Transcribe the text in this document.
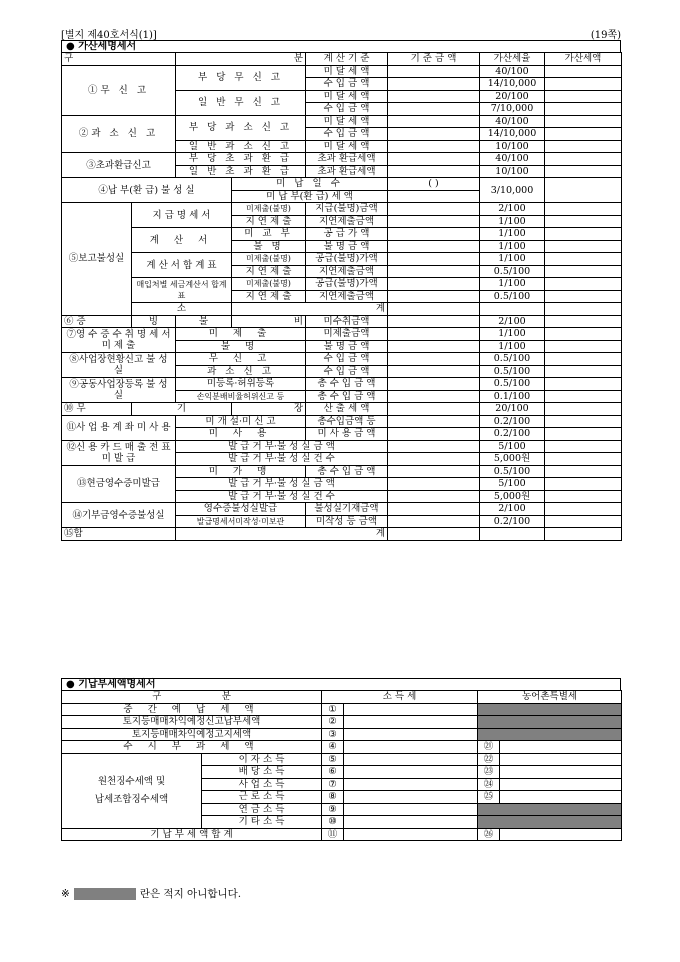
[별지 제40호서식(1)]	(19쪽)
● 가산세명세서
구		분		계 산 기 준	기 준 금 액	가산세율	가산세액
①무 신 고		부 당 무 신 고		미 달 세 액		40/100	
				수 입 금 액		14/10,000	
		일 반 무 신 고		미 달 세 액		20/100	
				수 입 금 액		7/10,000	
②과 소 신 고		부 당 과 소 신 고		미 달 세 액		40/100	
				수 입 금 액		14/10,000	
		일 반 과 소 신 고		미 달 세 액		10/100	
③초과환급신고		부 당 초 과 환 급		초과 환급세액		40/100	
		일 반 초 과 환 급		초과 환급세액		10/100	
④납 부(환 급) 불 성 실			미 납 일 수		( )	3/10,000	
			미 납 부(환 급) 세 액				
⑤보고불성실	지 급 명 세 서		미제출(불명)	지급(불명)금액		2/100	
			지 연 제 출	지연제출금액		1/100	
	계 산 서		미 교 부	공 급 가 액		1/100	
			불 명	불 명 금 액		1/100	
	계 산 서 합 계 표		미제출(불명)	공급(불명)가액		1/100	
			지 연 제 출	지연제출금액		0.5/100	
	매입처별 세금계산서 합계표		미제출(불명)	공급(불명)가액		1/100	
			지 연 제 출	지연제출금액		0.5/100	
	소		계				
⑥ 증	빙	불	비	미수취금액		2/100	
⑦영 수 증 수 취 명 세 서 미 제 출		미 제 출		미제출금액		1/100	
		불 명		불 명 금 액		1/100	
⑧사업장현황신고 불 성 실		무 신 고		수 입 금 액		0.5/100	
		과 소 신 고		수 입 금 액		0.5/100	
⑨공동사업장등록 불 성 실		미등록·허위등록		총 수 입 금 액		0.5/100	
		손익분배비율허위신고 등		총 수 입 금 액		0.1/100	
⑩ 무	기		장	산 출 세 액		20/100	
⑪사 업 용 계 좌 미 사 용		미 개 설·미 신 고		총수입금액 등		0.2/100	
		미 사 용		미 사 용 금 액		0.2/100	
⑫신 용 카 드 매 출 전 표 미 발 급		발 급 거 부·불 성 실 금 액				5/100	
		발 급 거 부·불 성 실 건 수				5,000원	
⑬현금영수증미발급		미 가 맹		총 수 입 금 액		0.5/100	
		발 급 거 부·불 성 실 금 액				5/100	
		발 급 거 부·불 성 실 건 수				5,000원	
⑭기부금영수증불성실		영수증불성실발급		불성실기재금액		2/100	
		발급명세서미작성·미보관		미작성 등 금액		0.2/100	
⑮합		계					
● 기납부세액명세서
구 분		소 득 세		농어촌특별세	
중 간 예 납 세 액		①			
토지등매매차익예정신고납부세액		②			
토지등매매차익예정고지세액		③			
수 시 부 과 세 액		④		㉑	
원천징수세액 및
납세조합징수세액	이 자 소 득	⑤		㉒	
	배 당 소 득	⑥		㉓	
	사 업 소 득	⑦		㉔	
	근 로 소 득	⑧		㉕	
	연 금 소 득	⑨			
	기 타 소 득	⑩			
기 납 부 세 액 합 계		⑪		㉖	
※	란은 적지 아니합니다.
